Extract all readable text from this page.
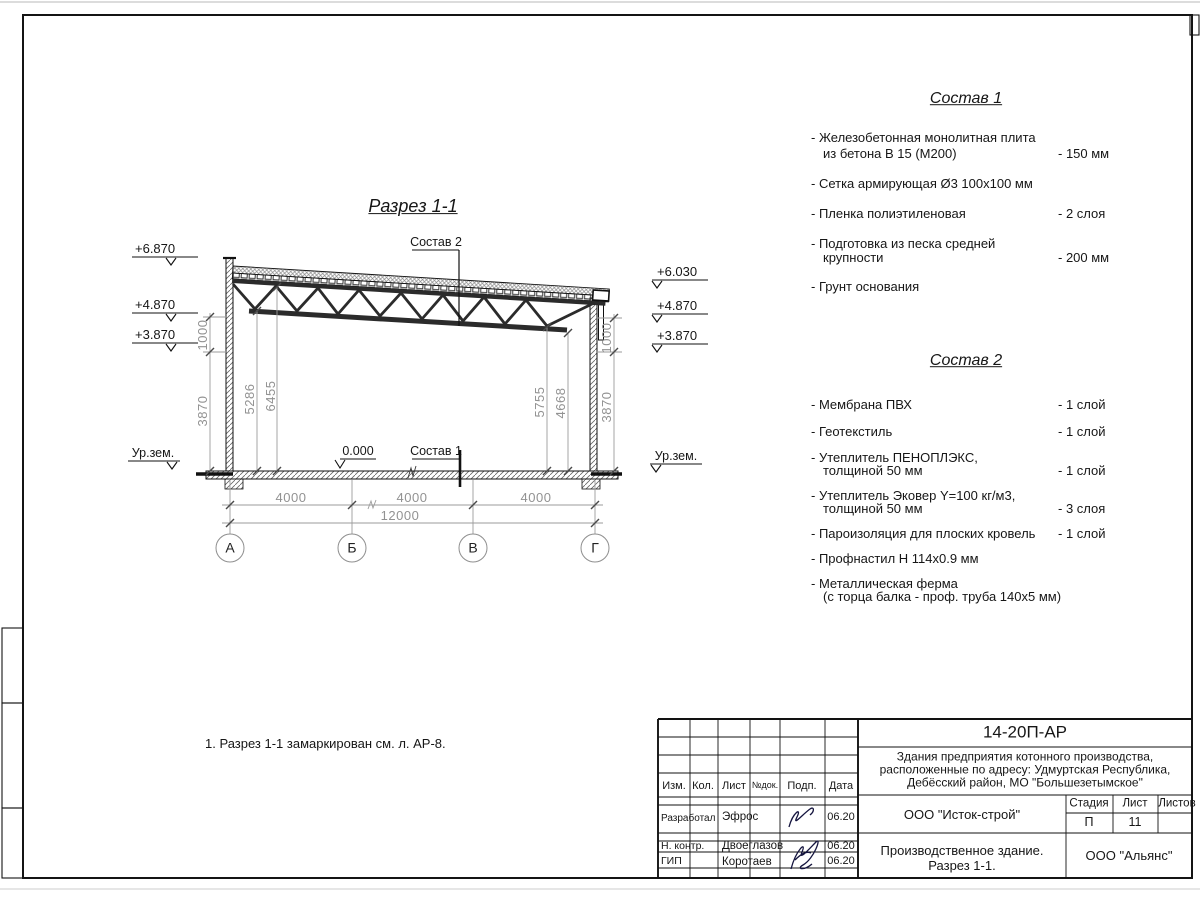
Разрез 1-1
Состав 2
Состав 1
0.000
Ур.зем.	Ур.зем.
+6.870
+4.870
+3.870
+6.030
+4.870
+3.870
1000
3870 5286 6455	5755 4668
1000
3870
4000	4000	4000
12000
А	Б	В	Г
1. Разрез 1-1 замаркирован см. л. АР-8.
Состав 1
- Железобетонная монолитная плита
из бетона В 15 (М200)	- 150 мм
- Сетка армирующая Ø3 100х100 мм
- Пленка полиэтиленовая	- 2 слоя
- Подготовка из песка средней
крупности	- 200 мм
- Грунт основания
Состав 2
- Мембрана ПВХ	- 1 слой
- Геотекстиль	- 1 слой
- Утеплитель ПЕНОПЛЭКС,
толщиной 50 мм	- 1 слой
- Утеплитель Эковер Y=100 кг/м3,
толщиной 50 мм	- 3 слоя
- Пароизоляция для плоских кровель - 1 слой
- Профнастил Н 114х0.9 мм
- Металлическая ферма
(с торца балка - проф. труба 140х5 мм)
14-20П-АР
Здания предприятия котонного производства,
расположенные по адресу: Удмуртская Республика,
Дебёсский район, МО "Большезетымское"
ООО "Исток-строй"
Производственное здание.
Разрез 1-1.
ООО "Альянс"
Стадия Лист Листов
П	11
Изм. Кол. Лист №док. Подп. Дата
Разработал Эфрос	06.20
Н. контр. Двоеглазов	06.20
ГИП	Коротаев	06.20
